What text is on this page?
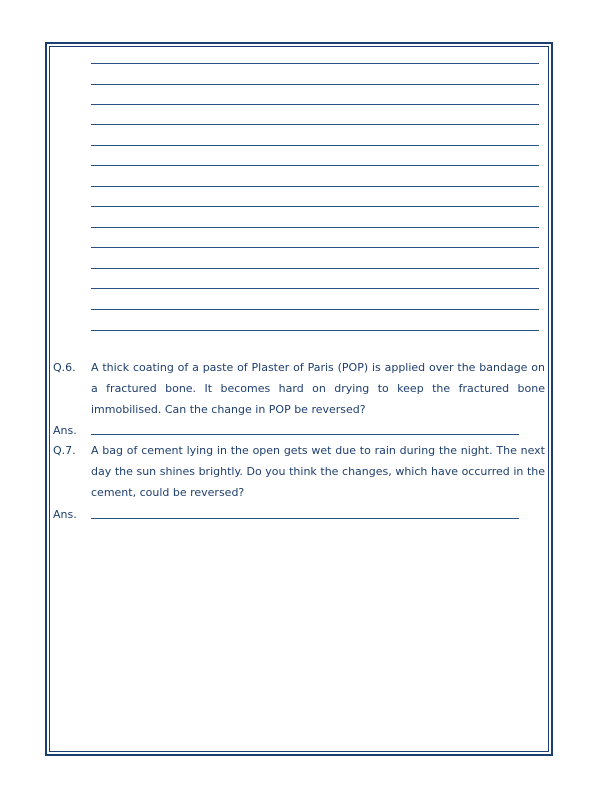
Q.6. A thick coating of a paste of Plaster of Paris (POP) is applied over the bandage on a fractured bone. It becomes hard on drying to keep the fractured bone immobilised. Can the change in POP be reversed?
Ans.
Q.7. A bag of cement lying in the open gets wet due to rain during the night. The next day the sun shines brightly. Do you think the changes, which have occurred in the cement, could be reversed?
Ans.
